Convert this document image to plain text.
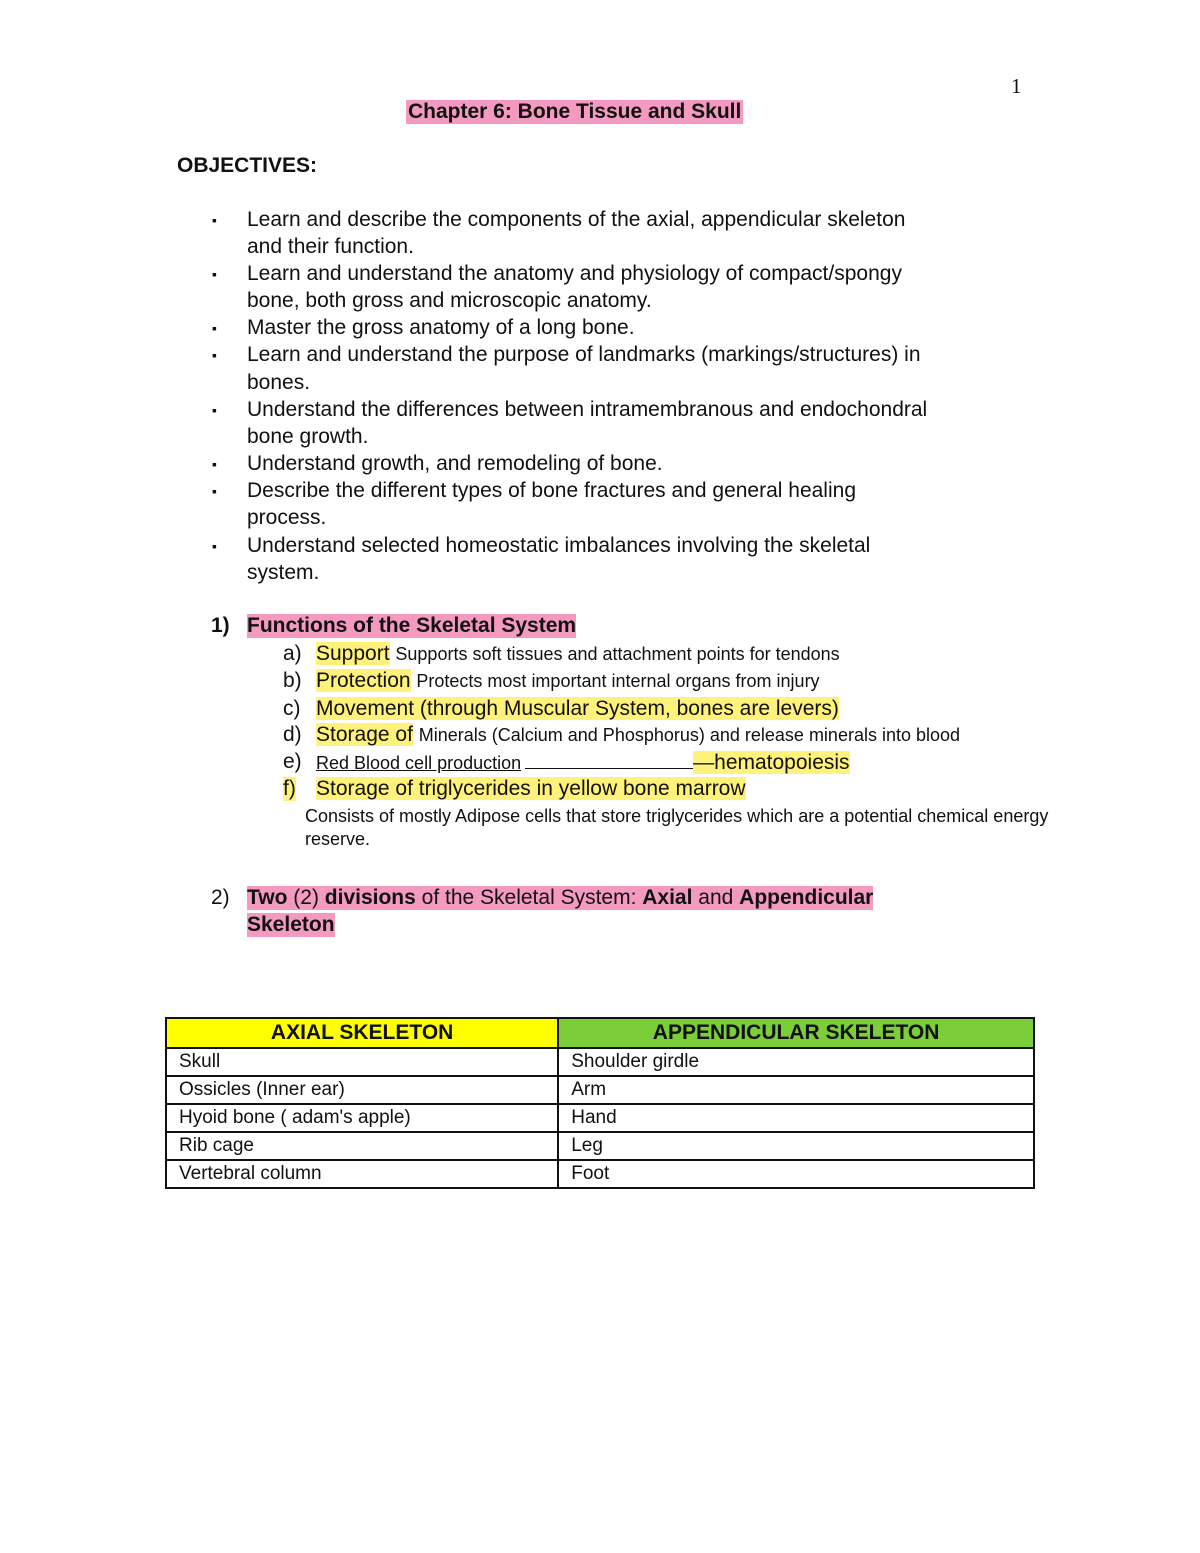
1
Chapter 6: Bone Tissue and Skull
OBJECTIVES:
▪ Learn and describe the components of the axial, appendicular skeleton
and their function.
▪ Learn and understand the anatomy and physiology of compact/spongy
bone, both gross and microscopic anatomy.
▪ Master the gross anatomy of a long bone.
▪ Learn and understand the purpose of landmarks (markings/structures) in
bones.
▪ Understand the differences between intramembranous and endochondral
bone growth.
▪ Understand growth, and remodeling of bone.
▪ Describe the different types of bone fractures and general healing
process.
▪ Understand selected homeostatic imbalances involving the skeletal
system.
1) Functions of the Skeletal System
a) Support Supports soft tissues and attachment points for tendons
b) Protection Protects most important internal organs from injury
c) Movement (through Muscular System, bones are levers)
d) Storage of Minerals (Calcium and Phosphorus) and release minerals into blood
e) Red Blood cell production	—hematopoiesis
f) Storage of triglycerides in yellow bone marrow
Consists of mostly Adipose cells that store triglycerides which are a potential chemical energy
reserve.
2) Two (2) divisions of the Skeletal System: Axial and Appendicular
Skeleton
AXIAL SKELETON	APPENDICULAR SKELETON
Skull	Shoulder girdle
Ossicles (Inner ear)	Arm
Hyoid bone ( adam's apple)	Hand
Rib cage	Leg
Vertebral column	Foot
